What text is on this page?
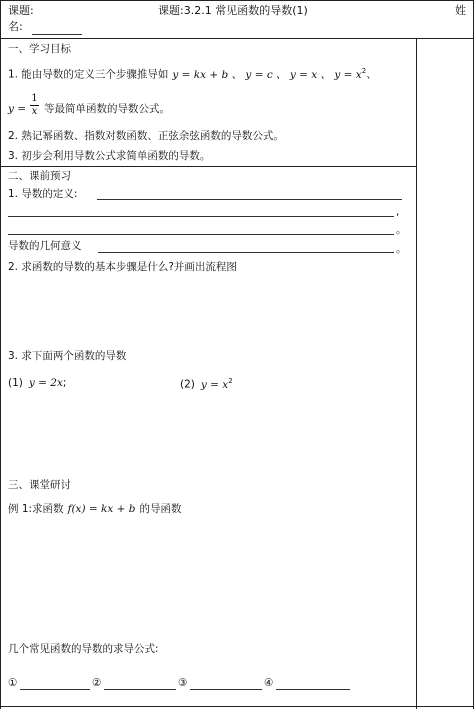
课题:	课题:3.2.1 常见函数的导数(1)	姓
名:
一、学习目标
1. 能由导数的定义三个步骤推导如 y = kx + b 、 y = c 、 y = x 、 $y = x^2$、
y =
1
x 等最简单函数的导数公式。
2. 熟记幂函数、指数对数函数、正弦余弦函数的导数公式。
3. 初步会利用导数公式求简单函数的导数。
二、课前预习
1. 导数的定义:
,
。
导数的几何意义	。
2. 求函数的导数的基本步骤是什么?并画出流程图
3. 求下面两个函数的导数
(1) y = 2x;	(2) $y = x^2$
三、课堂研讨
例 1:求函数 f(x) = kx + b 的导函数
几个常见函数的导数的求导公式:
①	②	③	④
